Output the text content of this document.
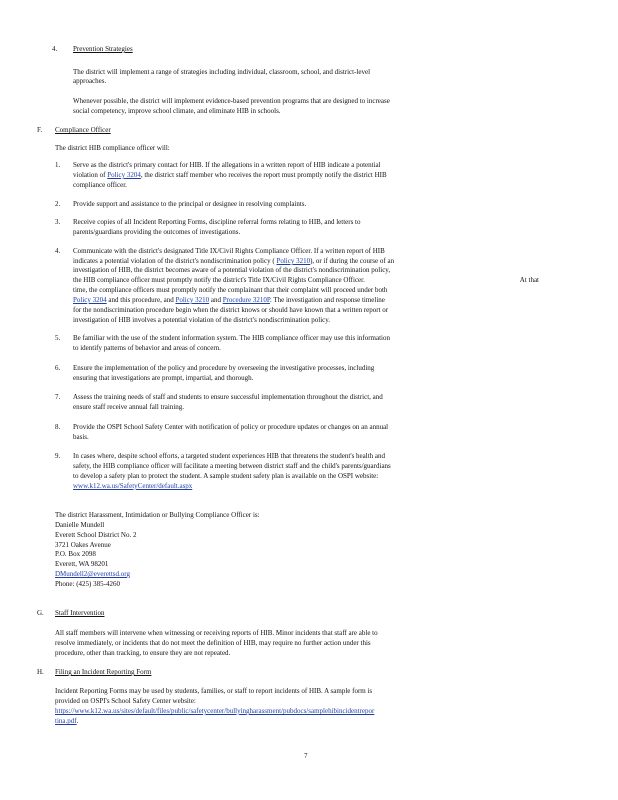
4. Prevention Strategies
The district will implement a range of strategies including individual, classroom, school, and district-level
approaches.
Whenever possible, the district will implement evidence-based prevention programs that are designed to increase
social competency, improve school climate, and eliminate HIB in schools.
F. Compliance Officer
The district HIB compliance officer will:
1. Serve as the district's primary contact for HIB. If the allegations in a written report of HIB indicate a potential
violation of Policy 3204, the district staff member who receives the report must promptly notify the district HIB
compliance officer.
2. Provide support and assistance to the principal or designee in resolving complaints.
3. Receive copies of all Incident Reporting Forms, discipline referral forms relating to HIB, and letters to
parents/guardians providing the outcomes of investigations.
4. Communicate with the district's designated Title IX/Civil Rights Compliance Officer. If a written report of HIB
indicates a potential violation of the district's nondiscrimination policy ( Policy 3210), or if during the course of an
investigation of HIB, the district becomes aware of a potential violation of the district's nondiscrimination policy,
the HIB compliance officer must promptly notify the district's Title IX/Civil Rights Compliance Officer.	At that
time, the compliance officers must promptly notify the complainant that their complaint will proceed under both
Policy 3204 and this procedure, and Policy 3210 and Procedure 3210P. The investigation and response timeline
for the nondiscrimination procedure begin when the district knows or should have known that a written report or
investigation of HIB involves a potential violation of the district's nondiscrimination policy.
5. Be familiar with the use of the student information system. The HIB compliance officer may use this information
to identify patterns of behavior and areas of concern.
6. Ensure the implementation of the policy and procedure by overseeing the investigative processes, including
ensuring that investigations are prompt, impartial, and thorough.
7. Assess the training needs of staff and students to ensure successful implementation throughout the district, and
ensure staff receive annual fall training.
8. Provide the OSPI School Safety Center with notification of policy or procedure updates or changes on an annual
basis.
9. In cases where, despite school efforts, a targeted student experiences HIB that threatens the student's health and
safety, the HIB compliance officer will facilitate a meeting between district staff and the child's parents/guardians
to develop a safety plan to protect the student. A sample student safety plan is available on the OSPI website:
www.k12.wa.us/SafetyCenter/default.aspx
The district Harassment, Intimidation or Bullying Compliance Officer is:
Danielle Mundell
Everett School District No. 2
3721 Oakes Avenue
P.O. Box 2098
Everett, WA 98201
DMundell2@everettsd.org
Phone: (425) 385-4260
G. Staff Intervention
All staff members will intervene when witnessing or receiving reports of HIB. Minor incidents that staff are able to
resolve immediately, or incidents that do not meet the definition of HIB, may require no further action under this
procedure, other than tracking, to ensure they are not repeated.
H. Filing an Incident Reporting Form
Incident Reporting Forms may be used by students, families, or staff to report incidents of HIB. A sample form is
provided on OSPI's School Safety Center website:
https://www.k12.wa.us/sites/default/files/public/safetycenter/bullyingharassment/pubdocs/samplehibincidentrepor
tina.pdf.
7
